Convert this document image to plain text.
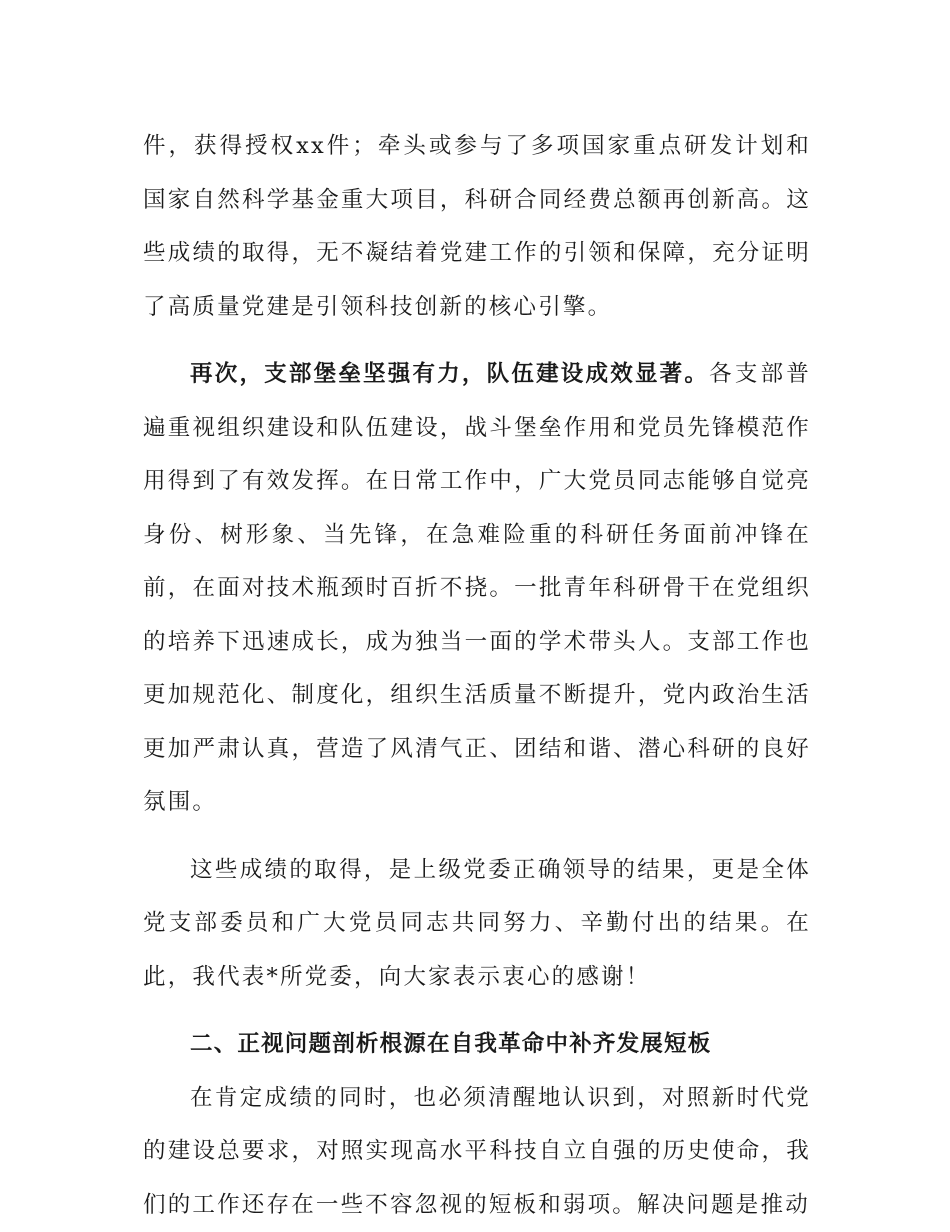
件，获得授权xx件；牵头或参与了多项国家重点研发计划和国家自然科学基金重大项目，科研合同经费总额再创新高。这些成绩的取得，无不凝结着党建工作的引领和保障，充分证明了高质量党建是引领科技创新的核心引擎。

再次，支部堡垒坚强有力，队伍建设成效显著。各支部普遍重视组织建设和队伍建设，战斗堡垒作用和党员先锋模范作用得到了有效发挥。在日常工作中，广大党员同志能够自觉亮身份、树形象、当先锋，在急难险重的科研任务面前冲锋在前，在面对技术瓶颈时百折不挠。一批青年科研骨干在党组织的培养下迅速成长，成为独当一面的学术带头人。支部工作也更加规范化、制度化，组织生活质量不断提升，党内政治生活更加严肃认真，营造了风清气正、团结和谐、潜心科研的良好氛围。

这些成绩的取得，是上级党委正确领导的结果，更是全体党支部委员和广大党员同志共同努力、辛勤付出的结果。在此，我代表*所党委，向大家表示衷心的感谢！

二、正视问题剖析根源在自我革命中补齐发展短板

在肯定成绩的同时，也必须清醒地认识到，对照新时代党的建设总要求，对照实现高水平科技自立自强的历史使命，我们的工作还存在一些不容忽视的短板和弱项。解决问题是推动
